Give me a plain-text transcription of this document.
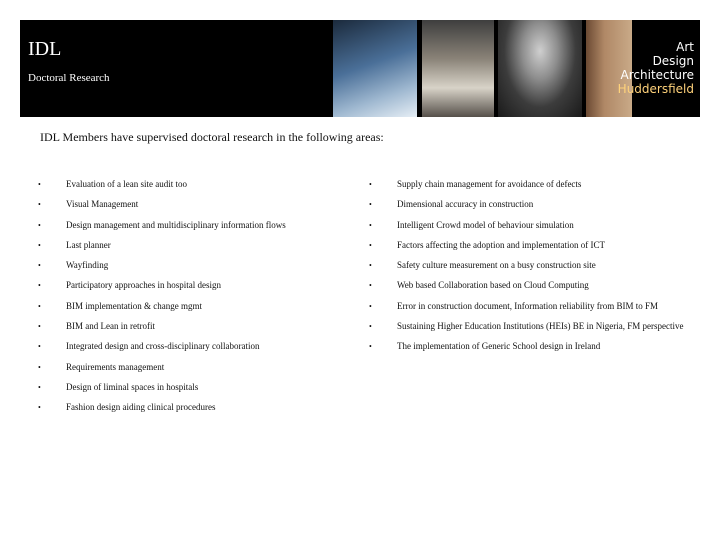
IDL
Doctoral Research
Art
Design
Architecture
Huddersfield
IDL Members have supervised doctoral research in the following areas:
•	Evaluation of a lean site audit too
•	Visual Management
•	Design management and multidisciplinary information flows
•	Last planner
•	Wayfinding
•	Participatory approaches in hospital design
•	BIM implementation & change mgmt
•	BIM and Lean in retrofit
•	Integrated design and cross-disciplinary collaboration
•	Requirements management
•	Design of liminal spaces in hospitals
•	Fashion design aiding clinical procedures
•	Supply chain management for avoidance of defects
•	Dimensional accuracy in construction
•	Intelligent Crowd model of behaviour simulation
•	Factors affecting the adoption and implementation of ICT
•	Safety culture measurement on a busy construction site
•	Web based Collaboration based on Cloud Computing
•	Error in construction document, Information reliability from BIM to FM
•	Sustaining Higher Education Institutions (HEIs) BE in Nigeria, FM perspective
•	The implementation of Generic School design in Ireland
